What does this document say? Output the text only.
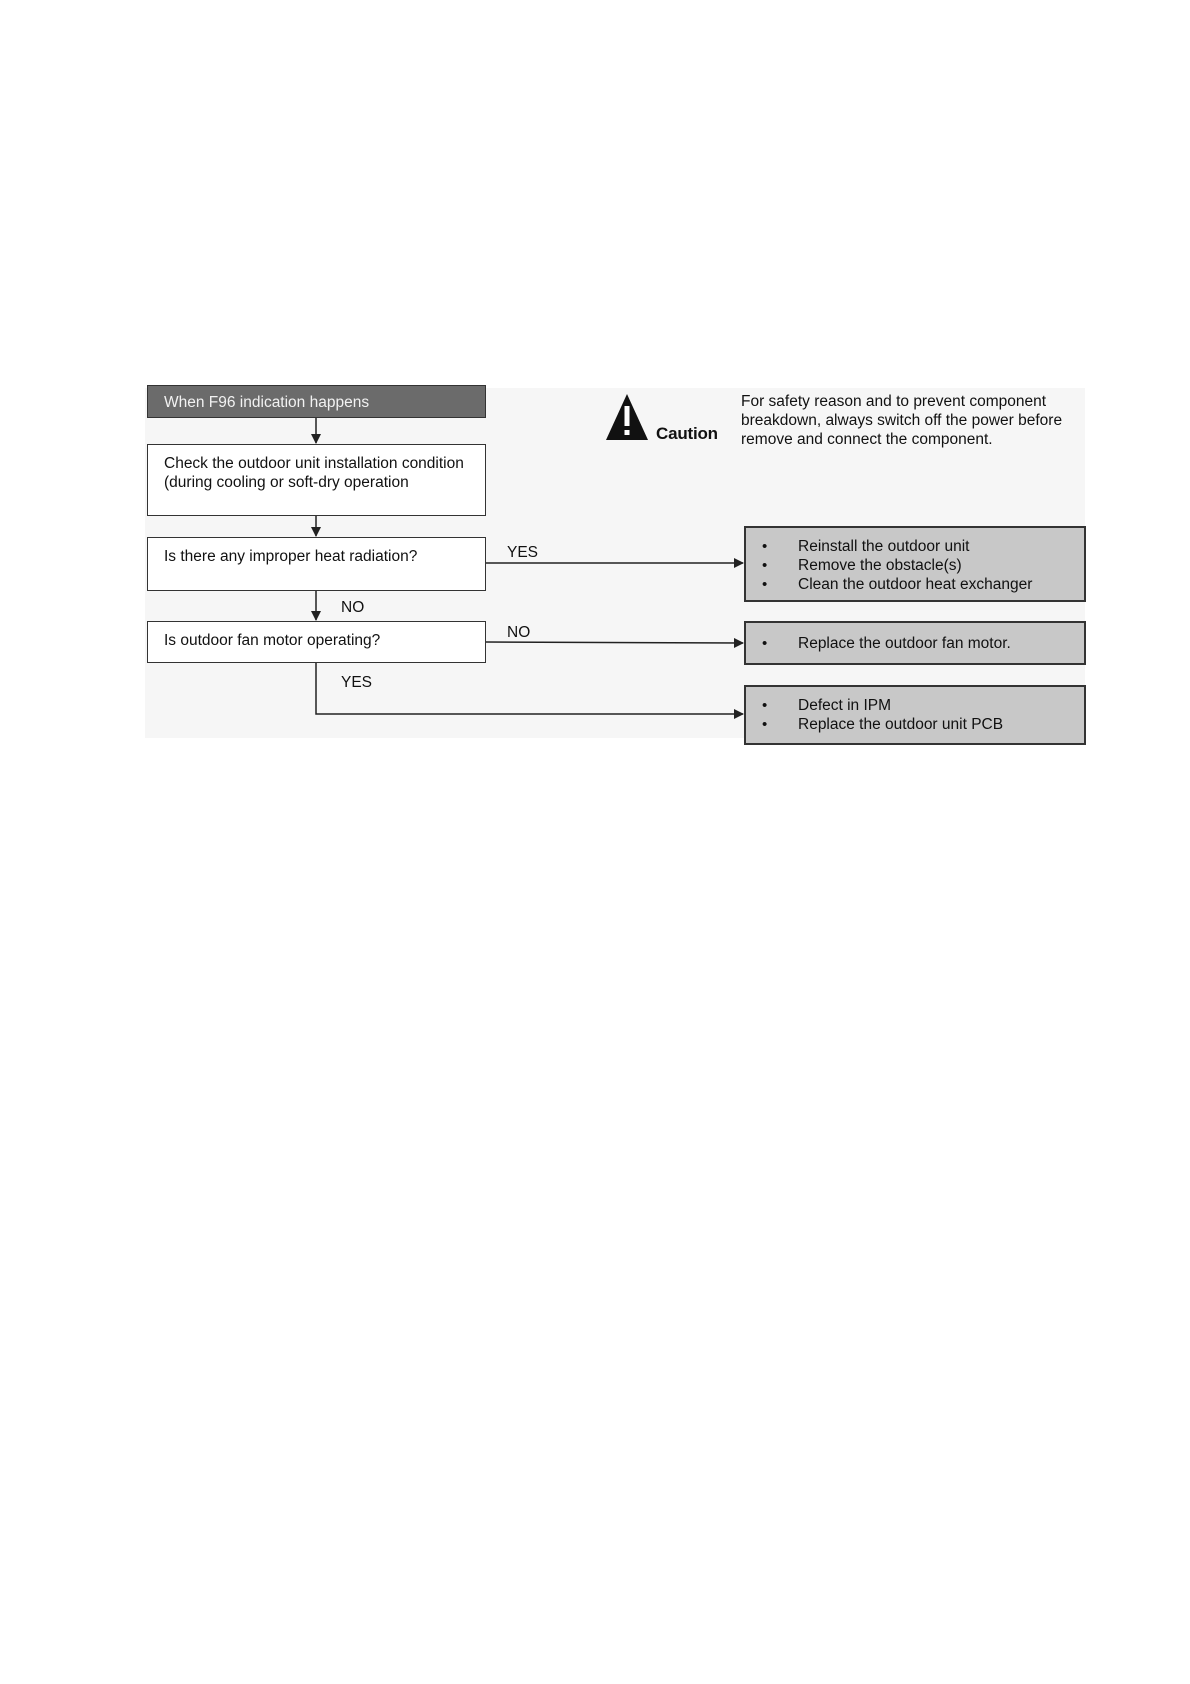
When F96 indication happens
Check the outdoor unit installation condition (during cooling or soft-dry operation
Is there any improper heat radiation?
Is outdoor fan motor operating?
YES
NO
NO
YES
Caution
For safety reason and to prevent component breakdown, always switch off the power before remove and connect the component.
•	Reinstall the outdoor unit
•	Remove the obstacle(s)
•	Clean the outdoor heat exchanger
•	Replace the outdoor fan motor.
•	Defect in IPM
•	Replace the outdoor unit PCB
